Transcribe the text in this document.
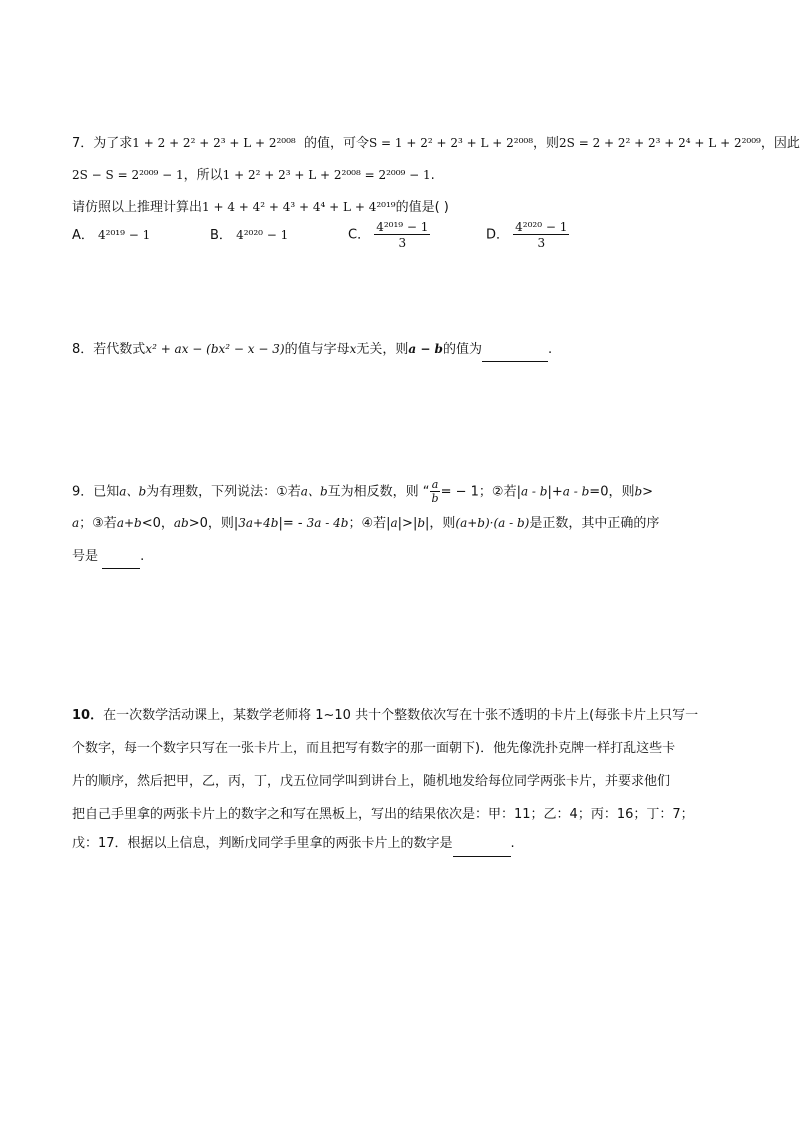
7．为了求1 + 2 + 2² + 2³ + L + 2²⁰⁰⁸ 的值，可令S = 1 + 2² + 2³ + L + 2²⁰⁰⁸，则2S = 2 + 2² + 2³ + 2⁴ + L + 2²⁰⁰⁹，因此
2S − S = 2²⁰⁰⁹ − 1，所以1 + 2² + 2³ + L + 2²⁰⁰⁸ = 2²⁰⁰⁹ − 1.
请仿照以上推理计算出1 + 4 + 4² + 4³ + 4⁴ + L + 4²⁰¹⁹的值是( )
A． 4²⁰¹⁹ − 1	B． 4²⁰²⁰ − 1	C． $\frac{\text{4²⁰¹⁹ − 1}}{3}$	D． $\frac{\text{4²⁰²⁰ − 1}}{3}$
8．若代数式x² + ax − (bx² − x − 3)的值与字母x无关，则a − b的值为	.
9．已知a、b为有理数，下列说法：①若a、b互为相反数，则 “ $\frac{a}{b}$ = − 1；②若|a - b|+a - b=0，则b>
a；③若a+b<0，ab>0，则|3a+4b|= - 3a - 4b；④若|a|>|b|，则(a+b)·(a - b)是正数，其中正确的序
号是	.
10．在一次数学活动课上，某数学老师将 1~10 共十个整数依次写在十张不透明的卡片上(每张卡片上只写一
个数字，每一个数字只写在一张卡片上，而且把写有数字的那一面朝下)．他先像洗扑克牌一样打乱这些卡
片的顺序，然后把甲，乙，丙，丁，戊五位同学叫到讲台上，随机地发给每位同学两张卡片，并要求他们
把自己手里拿的两张卡片上的数字之和写在黑板上，写出的结果依次是：甲：11；乙：4；丙：16；丁：7；
戊：17．根据以上信息，判断戊同学手里拿的两张卡片上的数字是	.
